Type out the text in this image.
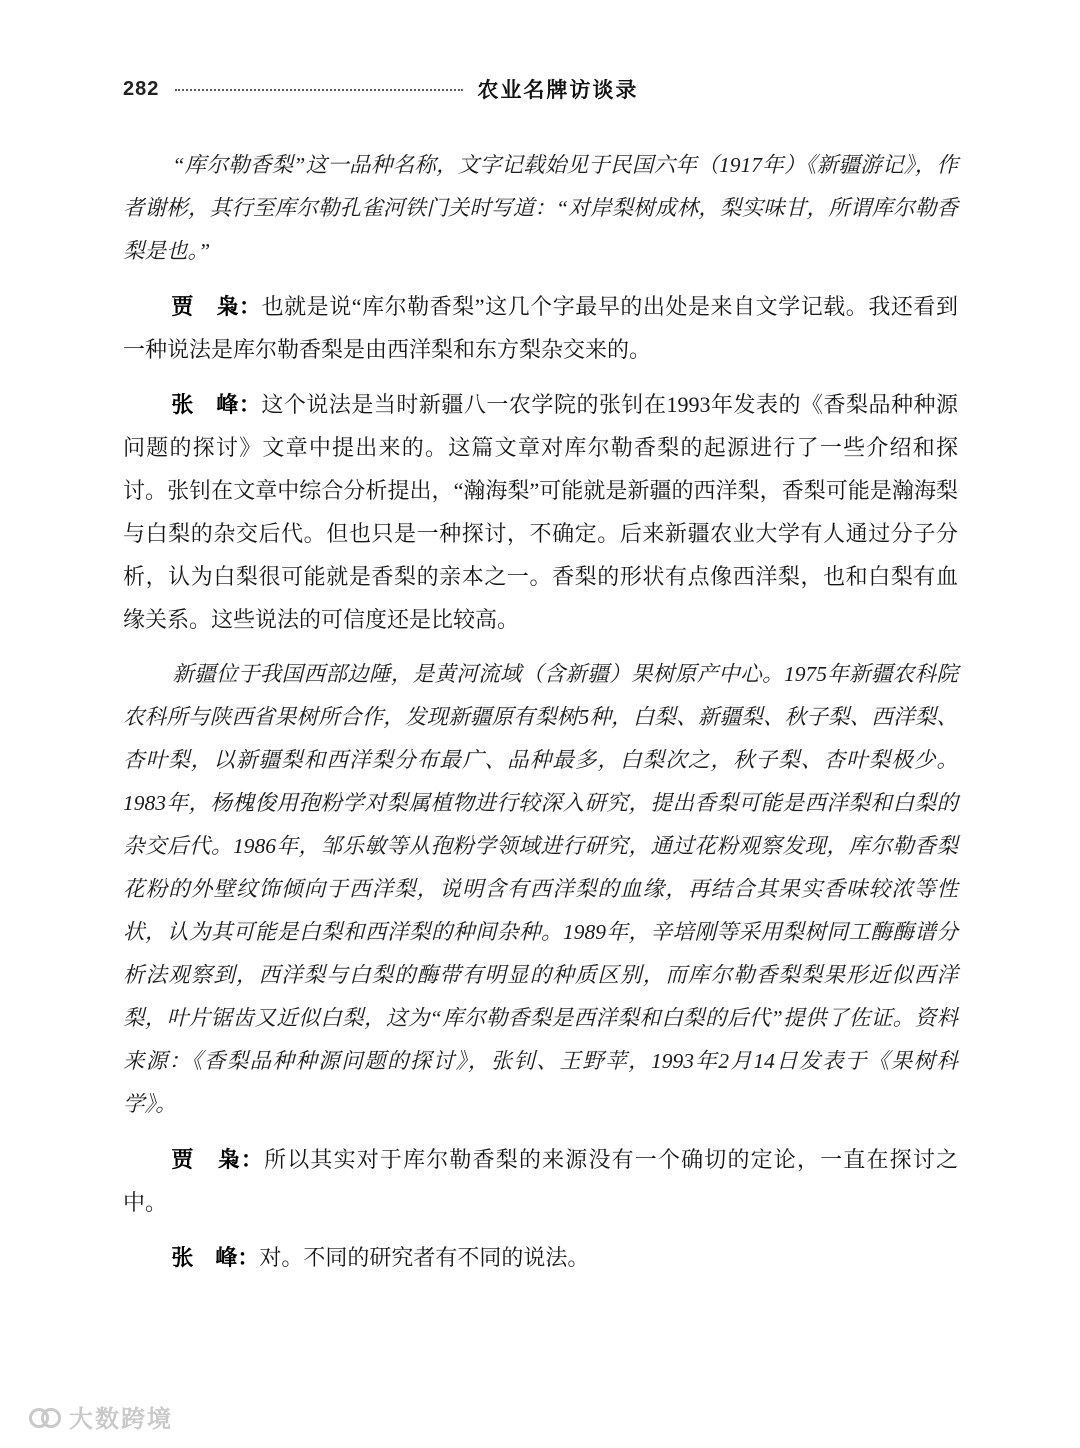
282	农业名牌访谈录

“库尔勒香梨”这一品种名称，文字记载始见于民国六年（1917年）《新疆游记》，作者谢彬，其行至库尔勒孔雀河铁门关时写道：“对岸梨树成林，梨实味甘，所谓库尔勒香梨是也。”

贾　枭：也就是说“库尔勒香梨”这几个字最早的出处是来自文学记载。我还看到一种说法是库尔勒香梨是由西洋梨和东方梨杂交来的。

张　峰：这个说法是当时新疆八一农学院的张钊在1993年发表的《香梨品种种源问题的探讨》文章中提出来的。这篇文章对库尔勒香梨的起源进行了一些介绍和探讨。张钊在文章中综合分析提出，“瀚海梨”可能就是新疆的西洋梨，香梨可能是瀚海梨与白梨的杂交后代。但也只是一种探讨，不确定。后来新疆农业大学有人通过分子分析，认为白梨很可能就是香梨的亲本之一。香梨的形状有点像西洋梨，也和白梨有血缘关系。这些说法的可信度还是比较高。

新疆位于我国西部边陲，是黄河流域（含新疆）果树原产中心。1975年新疆农科院农科所与陕西省果树所合作，发现新疆原有梨树5种，白梨、新疆梨、秋子梨、西洋梨、杏叶梨，以新疆梨和西洋梨分布最广、品种最多，白梨次之，秋子梨、杏叶梨极少。1983年，杨槐俊用孢粉学对梨属植物进行较深入研究，提出香梨可能是西洋梨和白梨的杂交后代。1986年，邹乐敏等从孢粉学领域进行研究，通过花粉观察发现，库尔勒香梨花粉的外壁纹饰倾向于西洋梨，说明含有西洋梨的血缘，再结合其果实香味较浓等性状，认为其可能是白梨和西洋梨的种间杂种。1989年，辛培刚等采用梨树同工酶酶谱分析法观察到，西洋梨与白梨的酶带有明显的种质区别，而库尔勒香梨梨果形近似西洋梨，叶片锯齿又近似白梨，这为“库尔勒香梨是西洋梨和白梨的后代”提供了佐证。资料来源：《香梨品种种源问题的探讨》，张钊、王野苹，1993年2月14日发表于《果树科学》。

贾　枭：所以其实对于库尔勒香梨的来源没有一个确切的定论，一直在探讨之中。

张　峰：对。不同的研究者有不同的说法。

大数跨境
